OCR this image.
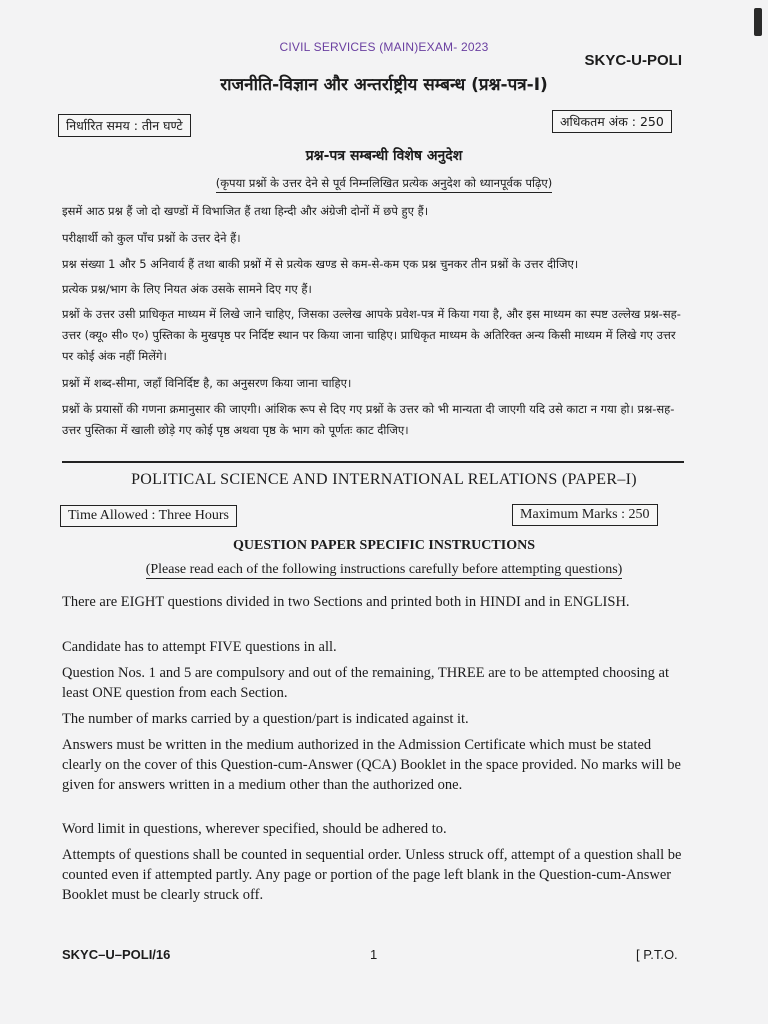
CIVIL SERVICES (MAIN)EXAM- 2023
SKYC-U-POLI
राजनीति-विज्ञान और अन्तर्राष्ट्रीय सम्बन्ध (प्रश्न-पत्र-I)
निर्धारित समय : तीन घण्टे	अधिकतम अंक : 250
प्रश्न-पत्र सम्बन्धी विशेष अनुदेश
(कृपया प्रश्नों के उत्तर देने से पूर्व निम्नलिखित प्रत्येक अनुदेश को ध्यानपूर्वक पढ़िए)

इसमें आठ प्रश्न हैं जो दो खण्डों में विभाजित हैं तथा हिन्दी और अंग्रेजी दोनों में छपे हुए हैं।

परीक्षार्थी को कुल पाँच प्रश्नों के उत्तर देने हैं।

प्रश्न संख्या 1 और 5 अनिवार्य हैं तथा बाकी प्रश्नों में से प्रत्येक खण्ड से कम-से-कम एक प्रश्न चुनकर तीन प्रश्नों के उत्तर दीजिए।

प्रत्येक प्रश्न/भाग के लिए नियत अंक उसके सामने दिए गए हैं।

प्रश्नों के उत्तर उसी प्राधिकृत माध्यम में लिखे जाने चाहिए, जिसका उल्लेख आपके प्रवेश-पत्र में किया गया है, और इस माध्यम का स्पष्ट उल्लेख प्रश्न-सह-उत्तर (क्यू० सी० ए०) पुस्तिका के मुखपृष्ठ पर निर्दिष्ट स्थान पर किया जाना चाहिए। प्राधिकृत माध्यम के अतिरिक्त अन्य किसी माध्यम में लिखे गए उत्तर पर कोई अंक नहीं मिलेंगे।

प्रश्नों में शब्द-सीमा, जहाँ विनिर्दिष्ट है, का अनुसरण किया जाना चाहिए।

प्रश्नों के प्रयासों की गणना क्रमानुसार की जाएगी। आंशिक रूप से दिए गए प्रश्नों के उत्तर को भी मान्यता दी जाएगी यदि उसे काटा न गया हो। प्रश्न-सह-उत्तर पुस्तिका में खाली छोड़े गए कोई पृष्ठ अथवा पृष्ठ के भाग को पूर्णतः काट दीजिए।

POLITICAL SCIENCE AND INTERNATIONAL RELATIONS (PAPER–I)
Time Allowed : Three Hours	Maximum Marks : 250
QUESTION PAPER SPECIFIC INSTRUCTIONS
(Please read each of the following instructions carefully before attempting questions)

There are EIGHT questions divided in two Sections and printed both in HINDI and in ENGLISH.

Candidate has to attempt FIVE questions in all.

Question Nos. 1 and 5 are compulsory and out of the remaining, THREE are to be attempted choosing at least ONE question from each Section.

The number of marks carried by a question/part is indicated against it.

Answers must be written in the medium authorized in the Admission Certificate which must be stated clearly on the cover of this Question-cum-Answer (QCA) Booklet in the space provided. No marks will be given for answers written in a medium other than the authorized one.

Word limit in questions, wherever specified, should be adhered to.

Attempts of questions shall be counted in sequential order. Unless struck off, attempt of a question shall be counted even if attempted partly. Any page or portion of the page left blank in the Question-cum-Answer Booklet must be clearly struck off.

SKYC–U–POLI/16	1	[ P.T.O.
